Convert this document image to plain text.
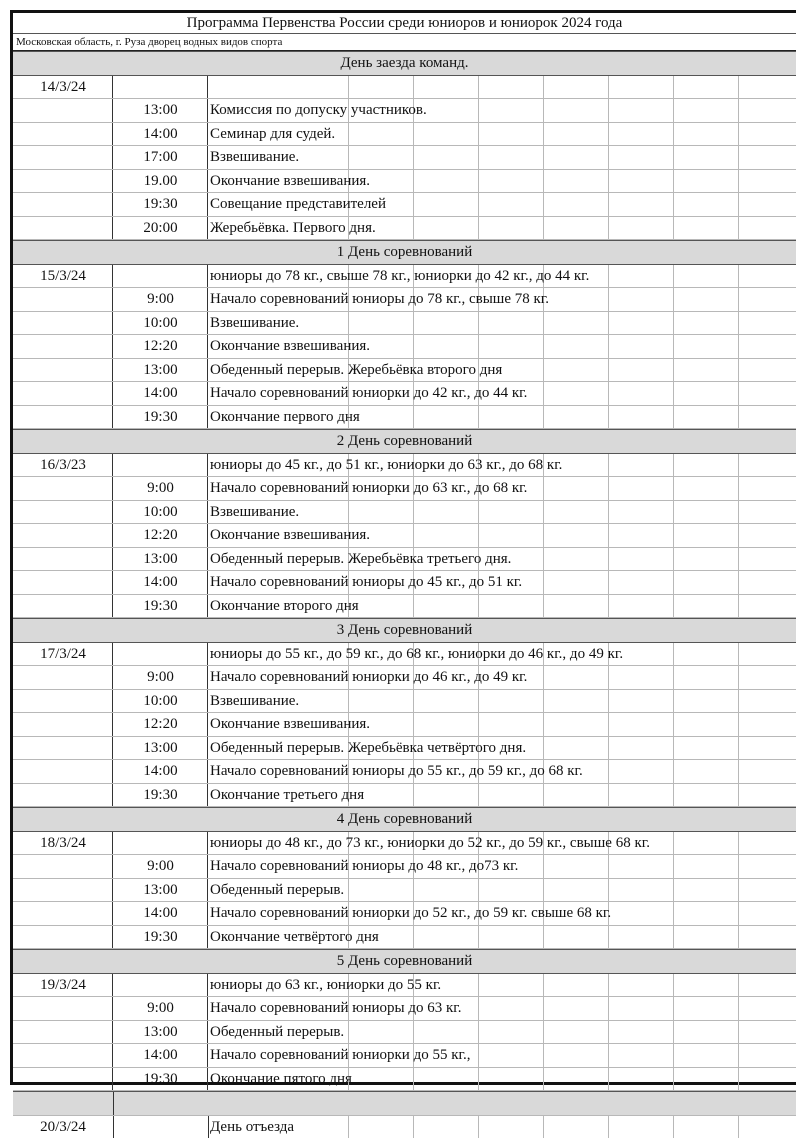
Программа Первенства России среди юниоров и юниорок 2024 года
Московская область, г. Руза дворец водных видов спорта
День заезда команд.
14/3/24
13:00	Комиссия по допуску участников.
14:00	Семинар для судей.
17:00	Взвешивание.
19.00	Окончание взвешивания.
19:30	Совещание представителей
20:00	Жеребьёвка. Первого дня.
1 День соревнований
15/3/24	юниоры до 78 кг., свыше 78 кг., юниорки до 42 кг., до 44 кг.
9:00	Начало соревнований юниоры до 78 кг., свыше 78 кг.
10:00	Взвешивание.
12:20	Окончание взвешивания.
13:00	Обеденный перерыв. Жеребьёвка второго дня
14:00	Начало соревнований юниорки до 42 кг., до 44 кг.
19:30	Окончание первого дня
2 День соревнований
16/3/23	юниоры до 45 кг., до 51 кг., юниорки до 63 кг., до 68 кг.
9:00	Начало соревнований юниорки до 63 кг., до 68 кг.
10:00	Взвешивание.
12:20	Окончание взвешивания.
13:00	Обеденный перерыв. Жеребьёвка третьего дня.
14:00	Начало соревнований юниоры до 45 кг., до 51 кг.
19:30	Окончание второго дня
3 День соревнований
17/3/24	юниоры до 55 кг., до 59 кг., до 68 кг., юниорки до 46 кг., до 49 кг.
9:00	Начало соревнований юниорки до 46 кг., до 49 кг.
10:00	Взвешивание.
12:20	Окончание взвешивания.
13:00	Обеденный перерыв. Жеребьёвка четвёртого дня.
14:00	Начало соревнований юниоры до 55 кг., до 59 кг., до 68 кг.
19:30	Окончание третьего дня
4 День соревнований
18/3/24	юниоры до 48 кг., до 73 кг., юниорки до 52 кг., до 59 кг., свыше 68 кг.
9:00	Начало соревнований юниоры до 48 кг., до73 кг.
13:00	Обеденный перерыв.
14:00	Начало соревнований юниорки до 52 кг., до 59 кг. свыше 68 кг.
19:30	Окончание четвёртого дня
5 День соревнований
19/3/24	юниоры до 63 кг., юниорки до 55 кг.
9:00	Начало соревнований юниоры до 63 кг.
13:00	Обеденный перерыв.
14:00	Начало соревнований юниорки до 55 кг.,
19:30	Окончание пятого дня
20/3/24	День отъезда
